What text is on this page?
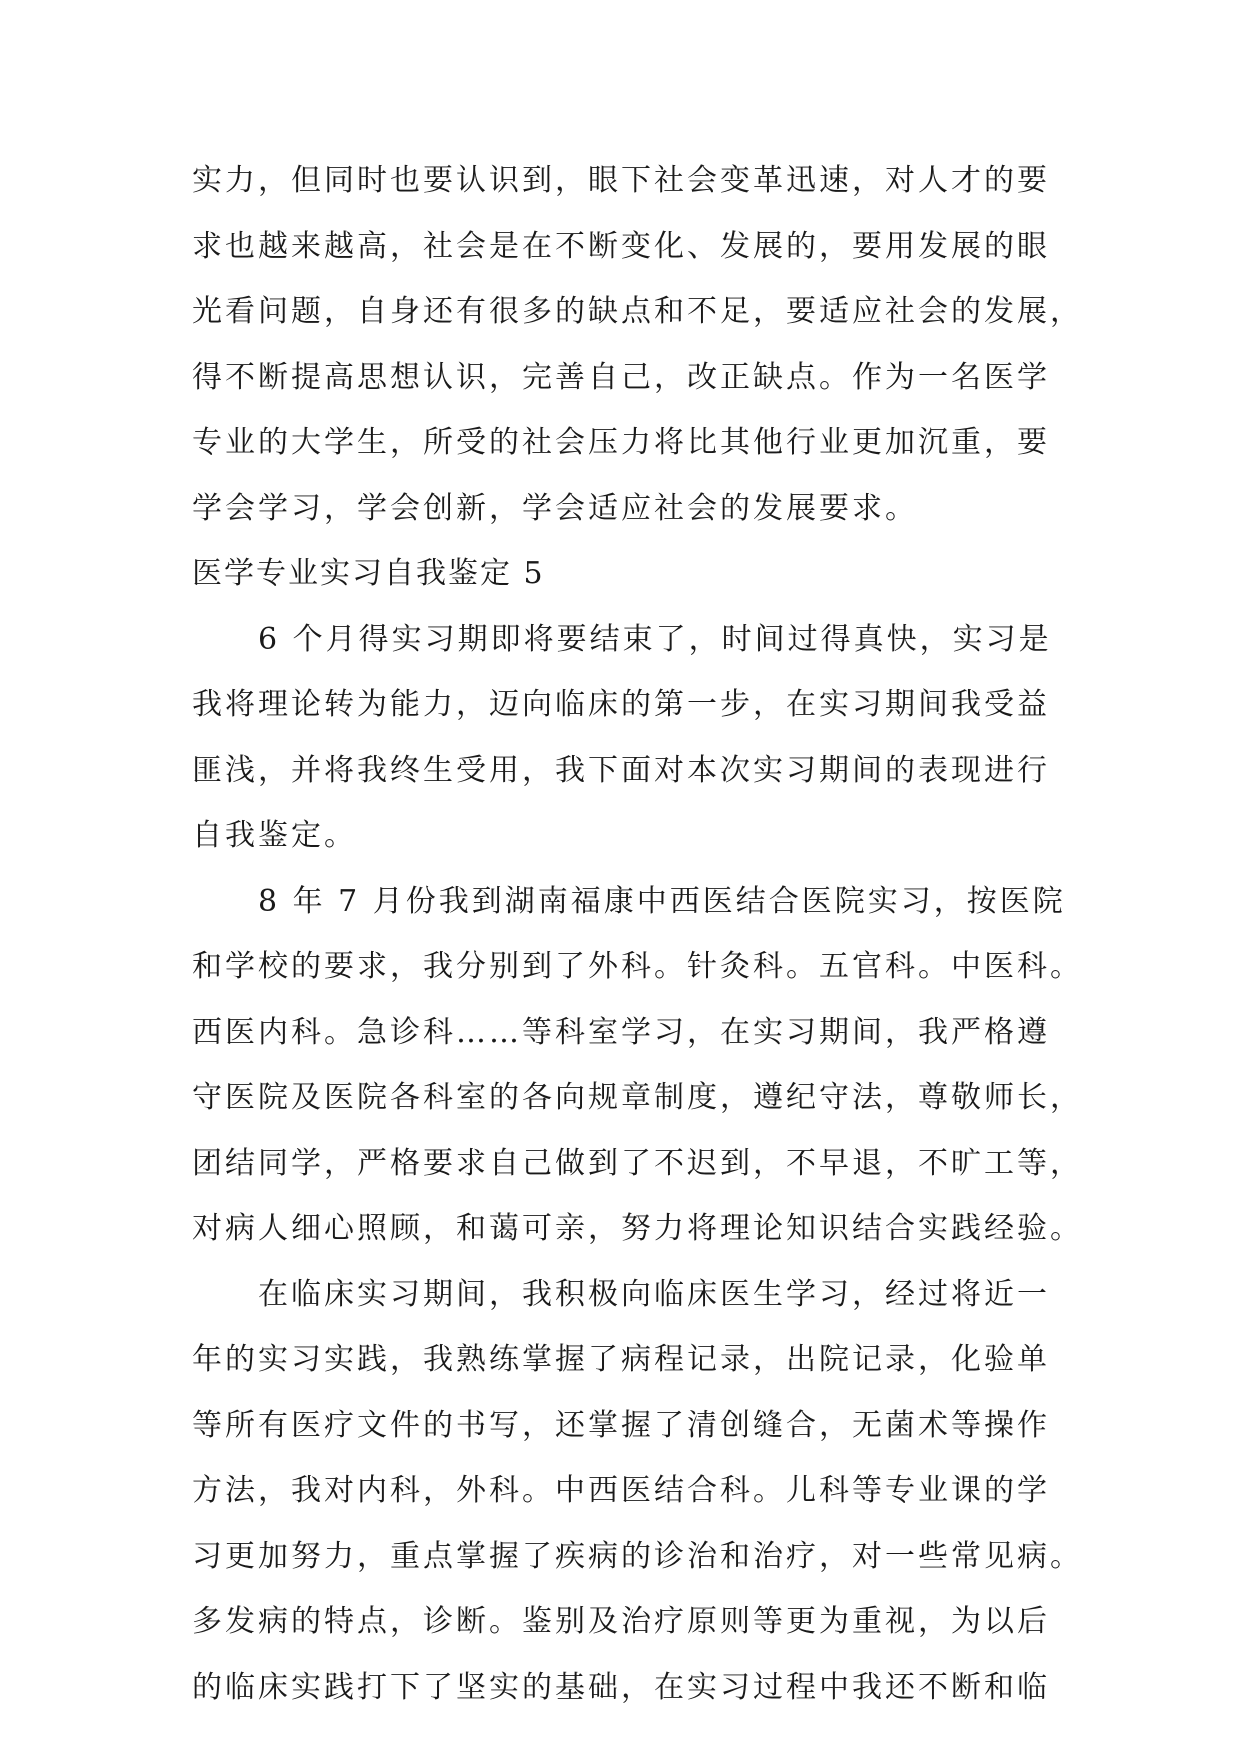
实力，但同时也要认识到，眼下社会变革迅速，对人才的要
求也越来越高，社会是在不断变化、发展的，要用发展的眼
光看问题，自身还有很多的缺点和不足，要适应社会的发展，
得不断提高思想认识，完善自己，改正缺点。作为一名医学
专业的大学生，所受的社会压力将比其他行业更加沉重，要
学会学习，学会创新，学会适应社会的发展要求。
医学专业实习自我鉴定 5
　　6 个月得实习期即将要结束了，时间过得真快，实习是
我将理论转为能力，迈向临床的第一步，在实习期间我受益
匪浅，并将我终生受用，我下面对本次实习期间的表现进行
自我鉴定。
　　8 年 7 月份我到湖南福康中西医结合医院实习，按医院
和学校的要求，我分别到了外科。针灸科。五官科。中医科。
西医内科。急诊科……等科室学习，在实习期间，我严格遵
守医院及医院各科室的各向规章制度，遵纪守法，尊敬师长，
团结同学，严格要求自己做到了不迟到，不早退，不旷工等，
对病人细心照顾，和蔼可亲，努力将理论知识结合实践经验。
　　在临床实习期间，我积极向临床医生学习，经过将近一
年的实习实践，我熟练掌握了病程记录，出院记录，化验单
等所有医疗文件的书写，还掌握了清创缝合，无菌术等操作
方法，我对内科，外科。中西医结合科。儿科等专业课的学
习更加努力，重点掌握了疾病的诊治和治疗，对一些常见病。
多发病的特点，诊断。鉴别及治疗原则等更为重视，为以后
的临床实践打下了坚实的基础，在实习过程中我还不断和临
